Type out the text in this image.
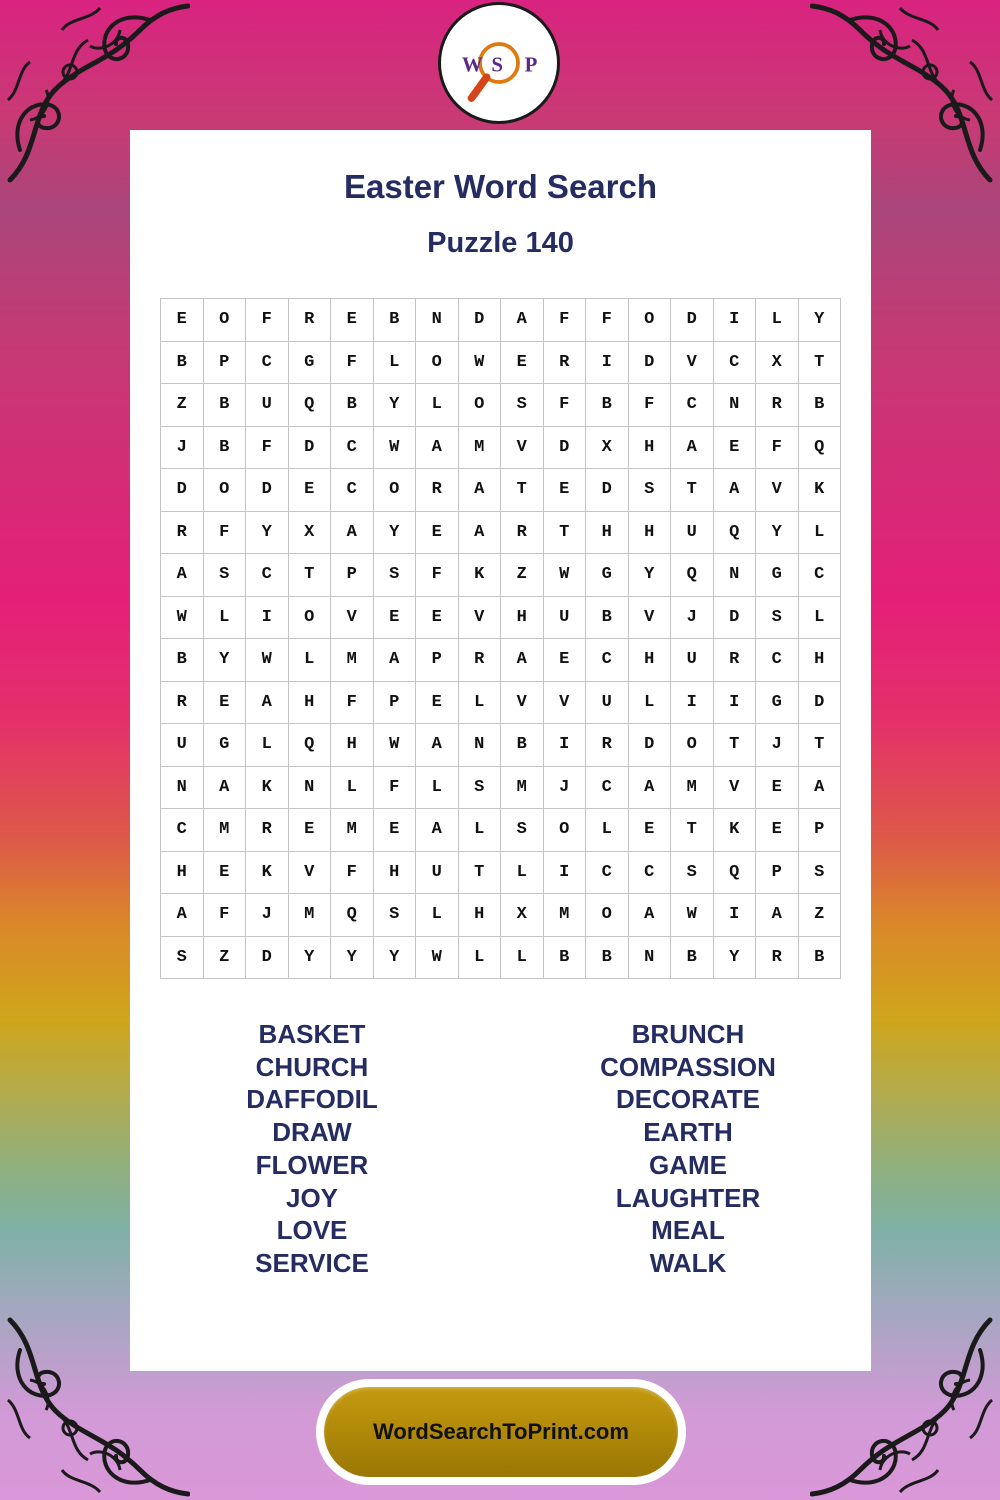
W S P
Easter Word Search
Puzzle 140
E	O	F	R	E	B	N	D	A	F	F	O	D	I	L	Y
B	P	C	G	F	L	O	W	E	R	I	D	V	C	X	T
Z	B	U	Q	B	Y	L	O	S	F	B	F	C	N	R	B
J	B	F	D	C	W	A	M	V	D	X	H	A	E	F	Q
D	O	D	E	C	O	R	A	T	E	D	S	T	A	V	K
R	F	Y	X	A	Y	E	A	R	T	H	H	U	Q	Y	L
A	S	C	T	P	S	F	K	Z	W	G	Y	Q	N	G	C
W	L	I	O	V	E	E	V	H	U	B	V	J	D	S	L
B	Y	W	L	M	A	P	R	A	E	C	H	U	R	C	H
R	E	A	H	F	P	E	L	V	V	U	L	I	I	G	D
U	G	L	Q	H	W	A	N	B	I	R	D	O	T	J	T
N	A	K	N	L	F	L	S	M	J	C	A	M	V	E	A
C	M	R	E	M	E	A	L	S	O	L	E	T	K	E	P
H	E	K	V	F	H	U	T	L	I	C	C	S	Q	P	S
A	F	J	M	Q	S	L	H	X	M	O	A	W	I	A	Z
S	Z	D	Y	Y	Y	W	L	L	B	B	N	B	Y	R	B
BASKET
CHURCH
DAFFODIL
DRAW
FLOWER
JOY
LOVE
SERVICE
BRUNCH
COMPASSION
DECORATE
EARTH
GAME
LAUGHTER
MEAL
WALK
WordSearchToPrint.com
